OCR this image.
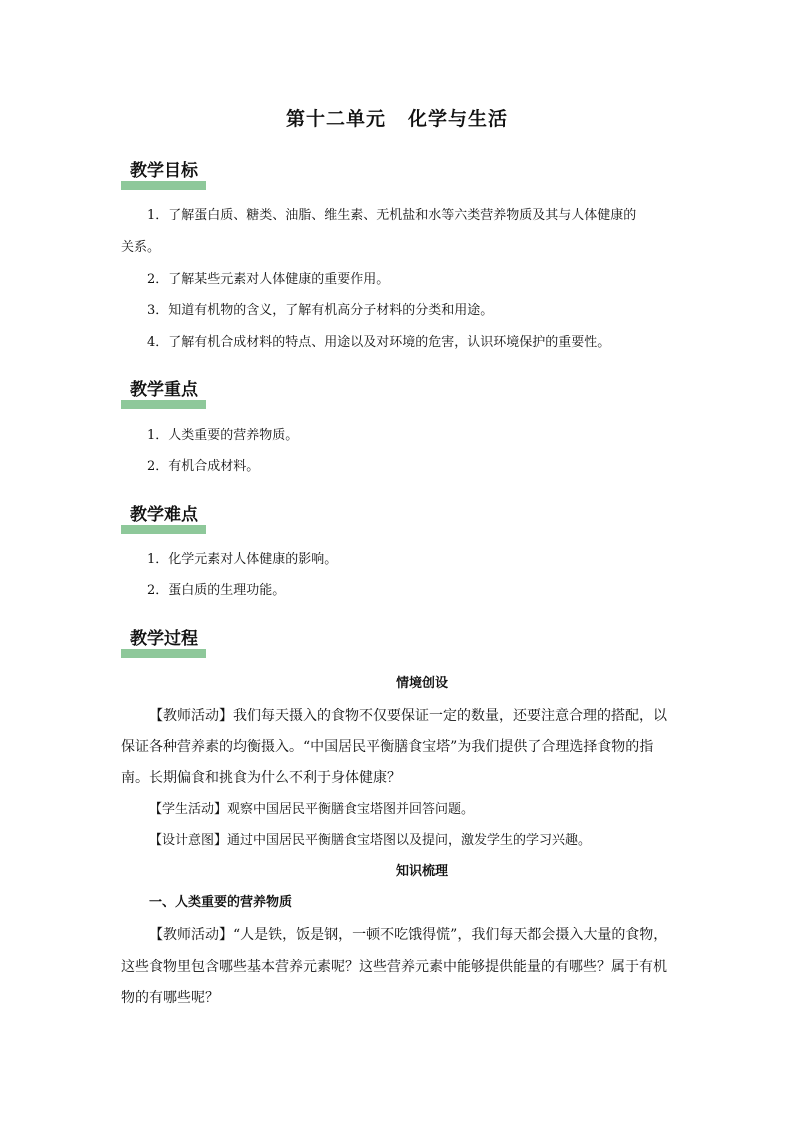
第十二单元 化学与生活
教学目标
1．了解蛋白质、糖类、油脂、维生素、无机盐和水等六类营养物质及其与人体健康的
关系。
2．了解某些元素对人体健康的重要作用。
3．知道有机物的含义，了解有机高分子材料的分类和用途。
4．了解有机合成材料的特点、用途以及对环境的危害，认识环境保护的重要性。
教学重点
1．人类重要的营养物质。
2．有机合成材料。
教学难点
1．化学元素对人体健康的影响。
2．蛋白质的生理功能。
教学过程
情境创设
【教师活动】我们每天摄入的食物不仅要保证一定的数量，还要注意合理的搭配，以
保证各种营养素的均衡摄入。“中国居民平衡膳食宝塔”为我们提供了合理选择食物的指
南。长期偏食和挑食为什么不利于身体健康？
【学生活动】观察中国居民平衡膳食宝塔图并回答问题。
【设计意图】通过中国居民平衡膳食宝塔图以及提问，激发学生的学习兴趣。
知识梳理
一、人类重要的营养物质
【教师活动】“人是铁，饭是钢，一顿不吃饿得慌”，我们每天都会摄入大量的食物，
这些食物里包含哪些基本营养元素呢？这些营养元素中能够提供能量的有哪些？属于有机
物的有哪些呢？
